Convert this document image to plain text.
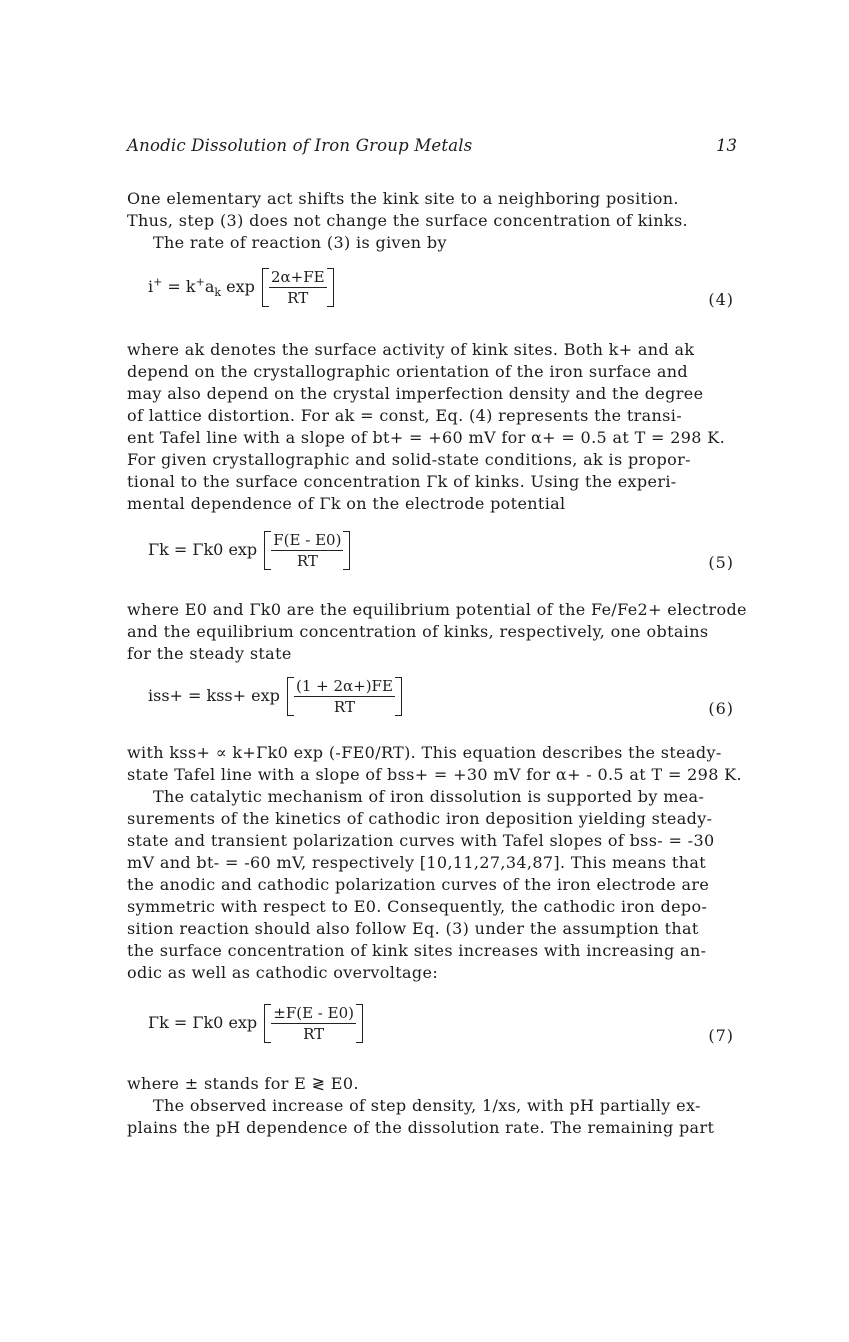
Anodic Dissolution of Iron Group Metals	13
One elementary act shifts the kink site to a neighboring position.
Thus, step (3) does not change the surface concentration of kinks.
The rate of reaction (3) is given by
$i^+ = k^+a_k$ $\exp \frac{2\alpha+FE}{RT}$	(4)
where ak denotes the surface activity of kink sites. Both k+ and ak
depend on the crystallographic orientation of the iron surface and
may also depend on the crystal imperfection density and the degree
of lattice distortion. For ak = const, Eq. (4) represents the transi-
ent Tafel line with a slope of bt+ = +60 mV for α+ = 0.5 at T = 298 K.
For given crystallographic and solid-state conditions, ak is propor-
tional to the surface concentration Γk of kinks. Using the experi-
mental dependence of Γk on the electrode potential
Γk = Γk0 $\exp \frac{F(E - E0)}{RT}$	(5)
where E0 and Γk0 are the equilibrium potential of the Fe/Fe2+ electrode
and the equilibrium concentration of kinks, respectively, one obtains
for the steady state
$iss+ = kss+ \exp \frac{(1 + 2\alpha+)FE}{RT}$	(6)
with kss+ ∝ k+Γk0 exp (-FE0/RT). This equation describes the steady-
state Tafel line with a slope of bss+ = +30 mV for α+ - 0.5 at T = 298 K.
The catalytic mechanism of iron dissolution is supported by mea-
surements of the kinetics of cathodic iron deposition yielding steady-
state and transient polarization curves with Tafel slopes of bss- = -30
mV and bt- = -60 mV, respectively [10,11,27,34,87]. This means that
the anodic and cathodic polarization curves of the iron electrode are
symmetric with respect to E0. Consequently, the cathodic iron depo-
sition reaction should also follow Eq. (3) under the assumption that
the surface concentration of kink sites increases with increasing an-
odic as well as cathodic overvoltage:
Γk = Γk0 $\exp \frac{\pm F(E - E0)}{RT}$	(7)
where ± stands for E ≷ E0.
The observed increase of step density, 1/xs, with pH partially ex-
plains the pH dependence of the dissolution rate. The remaining part
